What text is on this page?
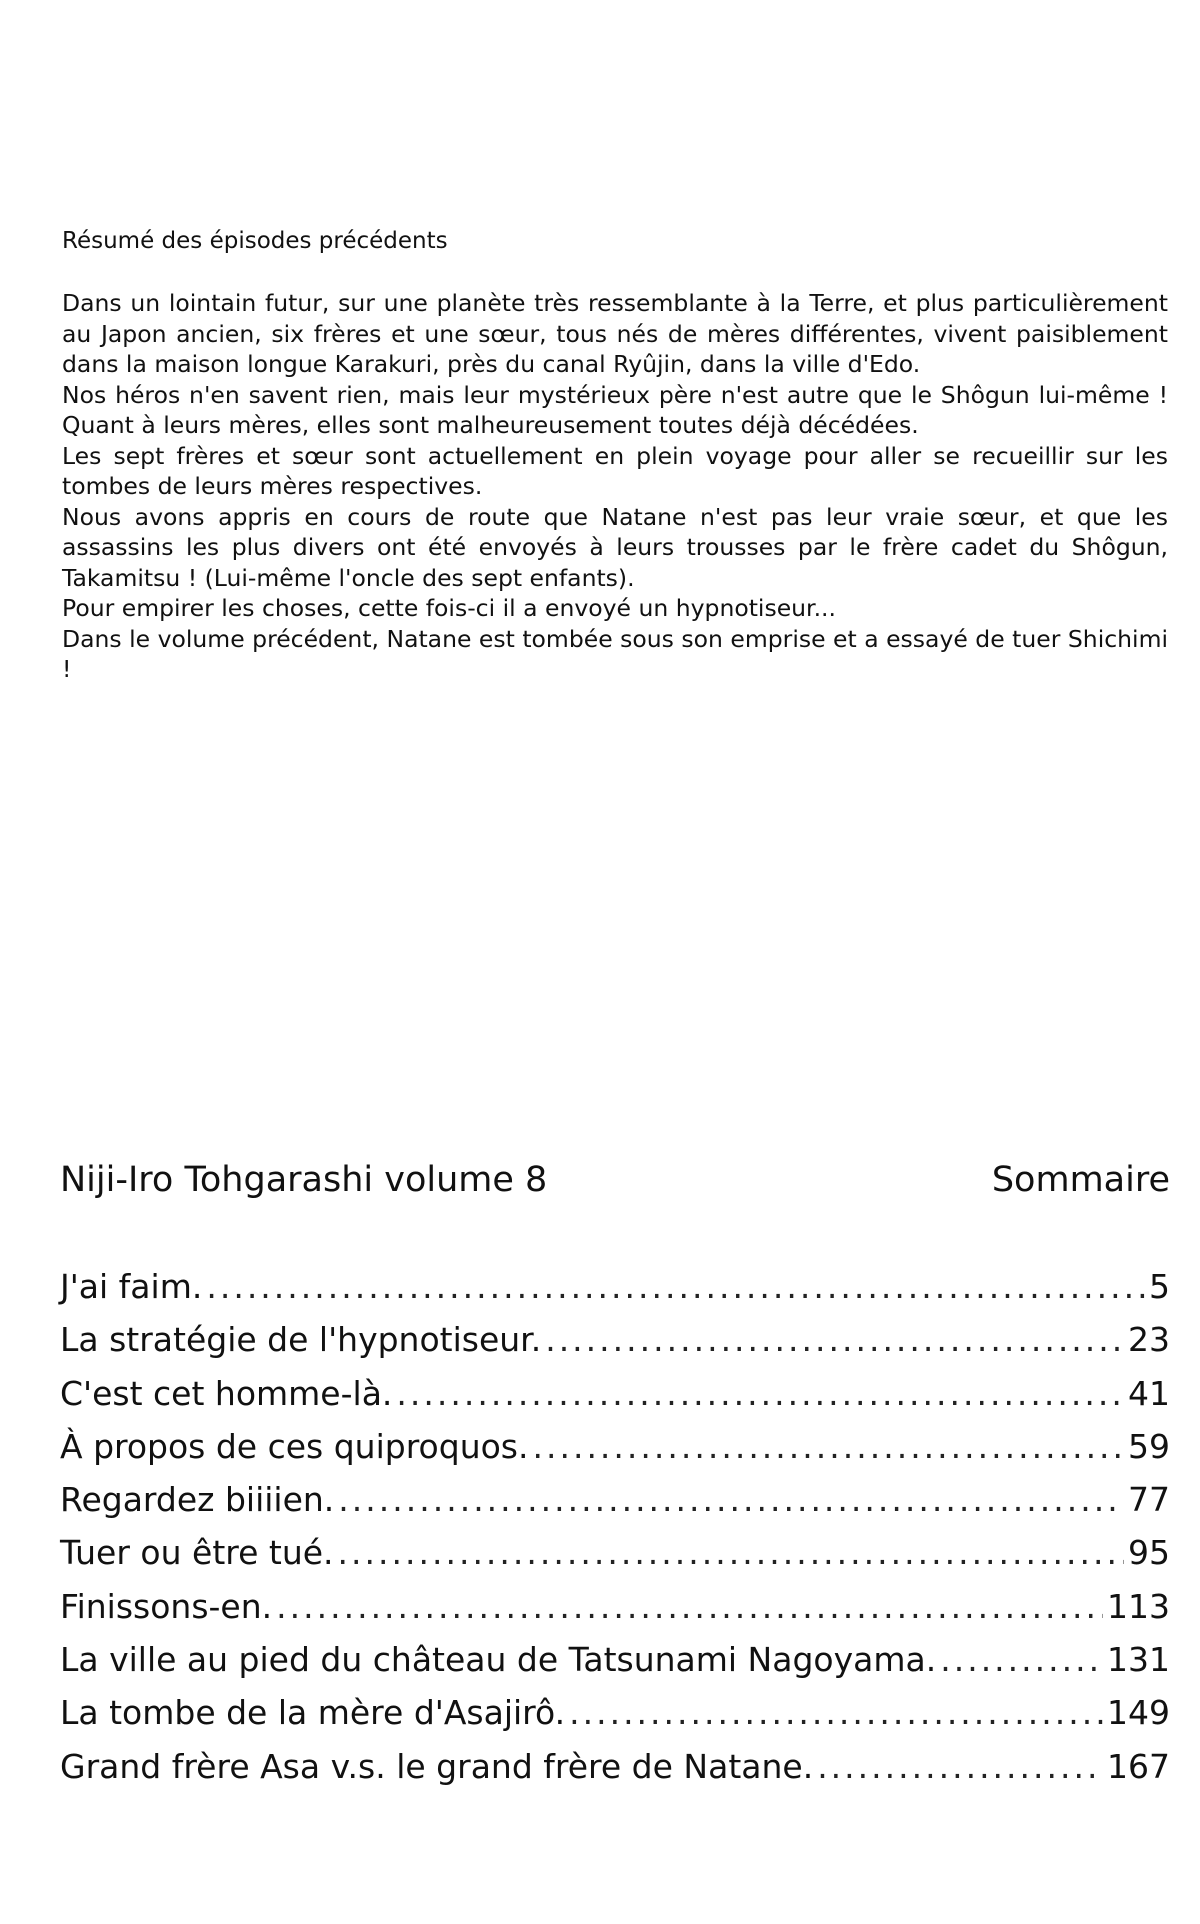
Résumé des épisodes précédents

Dans un lointain futur, sur une planète très ressemblante à la Terre, et plus particulièrement au Japon ancien, six frères et une sœur, tous nés de mères différentes, vivent paisiblement dans la maison longue Karakuri, près du canal Ryûjin, dans la ville d'Edo.

Nos héros n'en savent rien, mais leur mystérieux père n'est autre que le Shôgun lui-même ! Quant à leurs mères, elles sont malheureusement toutes déjà décédées.

Les sept frères et sœur sont actuellement en plein voyage pour aller se recueillir sur les tombes de leurs mères respectives.

Nous avons appris en cours de route que Natane n'est pas leur vraie sœur, et que les assassins les plus divers ont été envoyés à leurs trousses par le frère cadet du Shôgun, Takamitsu ! (Lui-même l'oncle des sept enfants).

Pour empirer les choses, cette fois-ci il a envoyé un hypnotiseur...

Dans le volume précédent, Natane est tombée sous son emprise et a essayé de tuer Shichimi !

Niji-Iro Tohgarashi volume 8	Sommaire
J'ai faim. .....	5
La stratégie de l'hypnotiseur. .....	23
C'est cet homme-là. .....	41
À propos de ces quiproquos. .....	59
Regardez biiiien. .....	77
Tuer ou être tué. .....	95
Finissons-en. .....	113
La ville au pied du château de Tatsunami Nagoyama. .....	131
La tombe de la mère d'Asajirô. .....	149
Grand frère Asa v.s. le grand frère de Natane. .....	167
